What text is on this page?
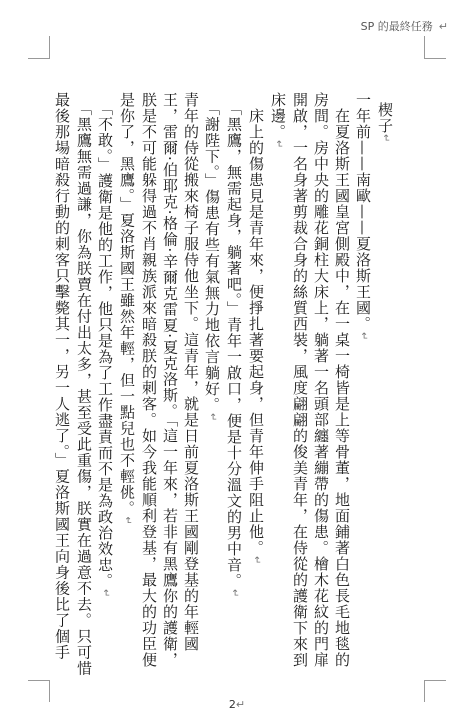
SP 的最終任務 ↵

楔子↵

一年前——南歐——夏洛斯王國。↵

　在夏洛斯王國皇宮側殿中，在一桌一椅皆是上等骨董，地面鋪著白色長毛地毯的房間。房中央的雕花銅柱大床上，躺著一名頭部纏著繃帶的傷患。檜木花紋的門扉開啟，一名身著剪裁合身的絲質西裝，風度翩翩的俊美青年，在侍從的護衛下來到床邊。↵

　床上的傷患見是青年來，便掙扎著要起身，但青年伸手阻止他。↵

　「黑鷹，無需起身，躺著吧。」青年一啟口，便是十分溫文的男中音。↵

　「謝陛下。」傷患有些有氣無力地依言躺好。↵

青年的侍從搬來椅子服侍他坐下。這青年，就是日前夏洛斯王國剛登基的年輕國王，雷爾·伯耶克·格倫·辛爾克雷夏·夏克洛斯。「這一年來，若非有黑鷹你的護衛，朕是不可能躲得過不肖親族派來暗殺朕的刺客。如今我能順利登基，最大的功臣便是你了，黑鷹。」夏洛斯國王雖然年輕，但一點兒也不輕佻。↵

　「不敢。」護衛是他的工作，他只是為了工作盡責而不是為政治效忠。↵

　「黑鷹無需過謙，你為朕賣在付出太多，甚至受此重傷，朕實在過意不去。只可惜最後那場暗殺行動的刺客只擊斃其一，另一人逃了。」夏洛斯國王向身後比了個手

2↵
